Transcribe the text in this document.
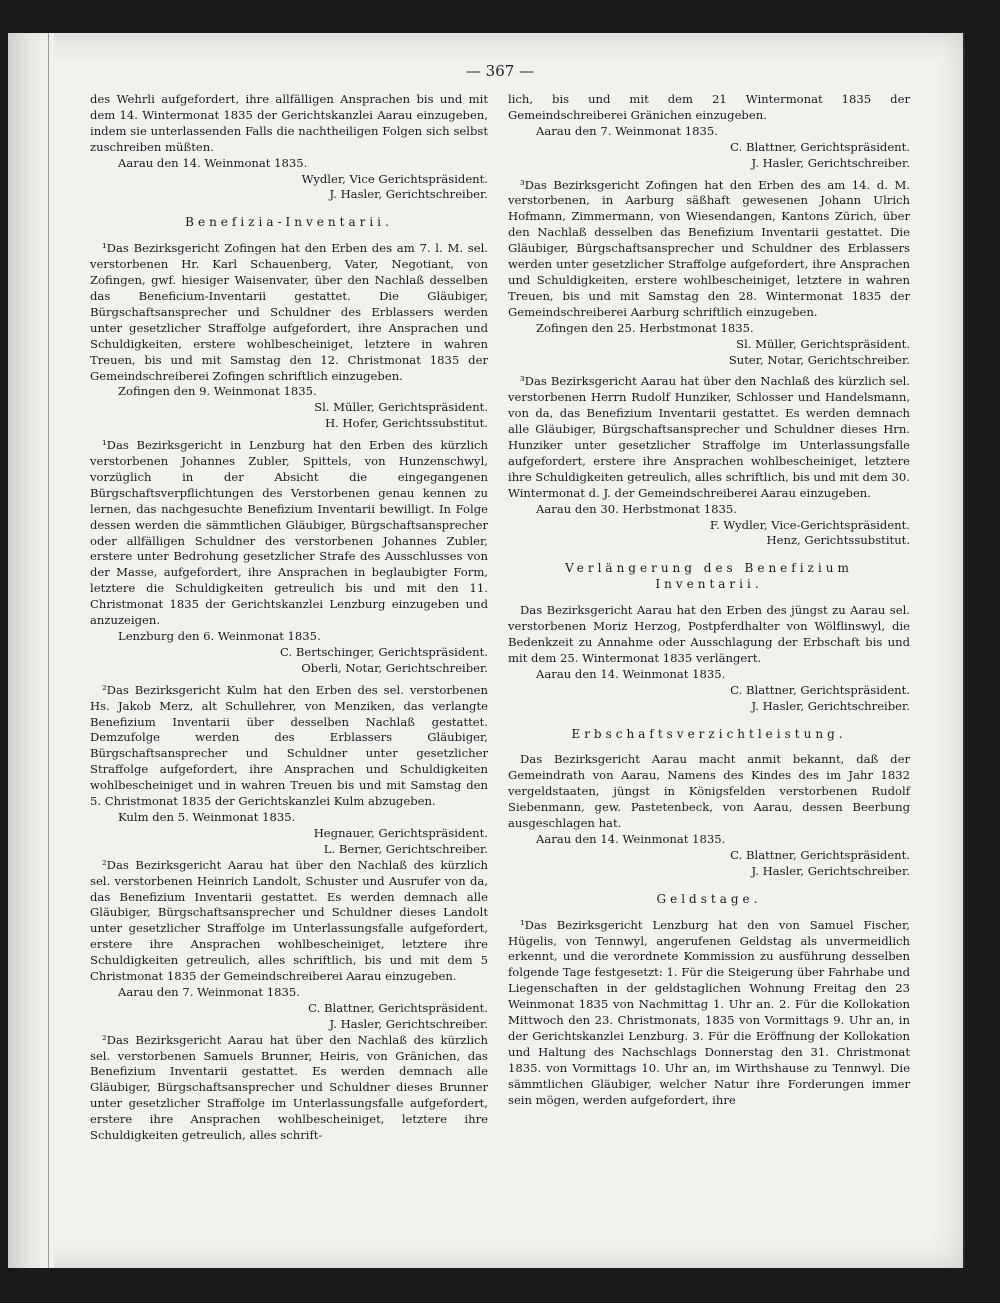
— 367 —

des Wehrli aufgefordert, ihre allfälligen Ansprachen bis und mit dem 14. Wintermonat 1835 der Gerichtskanzlei Aarau einzugeben, indem sie unterlassenden Falls die nachtheiligen Folgen sich selbst zuschreiben müßten.

Aarau den 14. Weinmonat 1835.

Wydler, Vice Gerichtspräsident.

J. Hasler, Gerichtschreiber.

Benefizia-Inventarii.

¹Das Bezirksgericht Zofingen hat den Erben des am 7. l. M. sel. verstorbenen Hr. Karl Schauenberg, Vater, Negotiant, von Zofingen, gwf. hiesiger Waisenvater, über den Nachlaß desselben das Beneficium-Inventarii gestattet. Die Gläubiger, Bürgschaftsansprecher und Schuldner des Erblassers werden unter gesetzlicher Straffolge aufgefordert, ihre Ansprachen und Schuldigkeiten, erstere wohlbescheiniget, letztere in wahren Treuen, bis und mit Samstag den 12. Christmonat 1835 der Gemeindschreiberei Zofingen schriftlich einzugeben.

Zofingen den 9. Weinmonat 1835.

Sl. Müller, Gerichtspräsident.

H. Hofer, Gerichtssubstitut.

¹Das Bezirksgericht in Lenzburg hat den Erben des kürzlich verstorbenen Johannes Zubler, Spittels, von Hunzenschwyl, vorzüglich in der Absicht die eingegangenen Bürgschaftsverpflichtungen des Verstorbenen genau kennen zu lernen, das nachgesuchte Benefizium Inventarii bewilligt. In Folge dessen werden die sämmtlichen Gläubiger, Bürgschaftsansprecher oder allfälligen Schuldner des verstorbenen Johannes Zubler, erstere unter Bedrohung gesetzlicher Strafe des Ausschlusses von der Masse, aufgefordert, ihre Ansprachen in beglaubigter Form, letztere die Schuldigkeiten getreulich bis und mit den 11. Christmonat 1835 der Gerichtskanzlei Lenzburg einzugeben und anzuzeigen.

Lenzburg den 6. Weinmonat 1835.

C. Bertschinger, Gerichtspräsident.

Oberli, Notar, Gerichtschreiber.

²Das Bezirksgericht Kulm hat den Erben des sel. verstorbenen Hs. Jakob Merz, alt Schullehrer, von Menziken, das verlangte Benefizium Inventarii über desselben Nachlaß gestattet. Demzufolge werden des Erblassers Gläubiger, Bürgschaftsansprecher und Schuldner unter gesetzlicher Straffolge aufgefordert, ihre Ansprachen und Schuldigkeiten wohlbescheiniget und in wahren Treuen bis und mit Samstag den 5. Christmonat 1835 der Gerichtskanzlei Kulm abzugeben.

Kulm den 5. Weinmonat 1835.

Hegnauer, Gerichtspräsident.

L. Berner, Gerichtschreiber.

²Das Bezirksgericht Aarau hat über den Nachlaß des kürzlich sel. verstorbenen Heinrich Landolt, Schuster und Ausrufer von da, das Benefizium Inventarii gestattet. Es werden demnach alle Gläubiger, Bürgschaftsansprecher und Schuldner dieses Landolt unter gesetzlicher Straffolge im Unterlassungsfalle aufgefordert, erstere ihre Ansprachen wohlbescheiniget, letztere ihre Schuldigkeiten getreulich, alles schriftlich, bis und mit dem 5 Christmonat 1835 der Gemeindschreiberei Aarau einzugeben.

Aarau den 7. Weinmonat 1835.

C. Blattner, Gerichtspräsident.

J. Hasler, Gerichtschreiber.

²Das Bezirksgericht Aarau hat über den Nachlaß des kürzlich sel. verstorbenen Samuels Brunner, Heiris, von Gränichen, das Benefizium Inventarii gestattet. Es werden demnach alle Gläubiger, Bürgschaftsansprecher und Schuldner dieses Brunner unter gesetzlicher Straffolge im Unterlassungsfalle aufgefordert, erstere ihre Ansprachen wohlbescheiniget, letztere ihre Schuldigkeiten getreulich, alles schrift-

lich, bis und mit dem 21 Wintermonat 1835 der Gemeindschreiberei Gränichen einzugeben.

Aarau den 7. Weinmonat 1835.

C. Blattner, Gerichtspräsident.

J. Hasler, Gerichtschreiber.

³Das Bezirksgericht Zofingen hat den Erben des am 14. d. M. verstorbenen, in Aarburg säßhaft gewesenen Johann Ulrich Hofmann, Zimmermann, von Wiesendangen, Kantons Zürich, über den Nachlaß desselben das Benefizium Inventarii gestattet. Die Gläubiger, Bürgschaftsansprecher und Schuldner des Erblassers werden unter gesetzlicher Straffolge aufgefordert, ihre Ansprachen und Schuldigkeiten, erstere wohlbescheiniget, letztere in wahren Treuen, bis und mit Samstag den 28. Wintermonat 1835 der Gemeindschreiberei Aarburg schriftlich einzugeben.

Zofingen den 25. Herbstmonat 1835.

Sl. Müller, Gerichtspräsident.

Suter, Notar, Gerichtschreiber.

³Das Bezirksgericht Aarau hat über den Nachlaß des kürzlich sel. verstorbenen Herrn Rudolf Hunziker, Schlosser und Handelsmann, von da, das Benefizium Inventarii gestattet. Es werden demnach alle Gläubiger, Bürgschaftsansprecher und Schuldner dieses Hrn. Hunziker unter gesetzlicher Straffolge im Unterlassungsfalle aufgefordert, erstere ihre Ansprachen wohlbescheiniget, letztere ihre Schuldigkeiten getreulich, alles schriftlich, bis und mit dem 30. Wintermonat d. J. der Gemeindschreiberei Aarau einzugeben.

Aarau den 30. Herbstmonat 1835.

F. Wydler, Vice-Gerichtspräsident.

Henz, Gerichtssubstitut.

Verlängerung des Benefizium Inventarii.

Das Bezirksgericht Aarau hat den Erben des jüngst zu Aarau sel. verstorbenen Moriz Herzog, Postpferdhalter von Wölflinswyl, die Bedenkzeit zu Annahme oder Ausschlagung der Erbschaft bis und mit dem 25. Wintermonat 1835 verlängert.

Aarau den 14. Weinmonat 1835.

C. Blattner, Gerichtspräsident.

J. Hasler, Gerichtschreiber.

Erbschaftsverzichtleistung.

Das Bezirksgericht Aarau macht anmit bekannt, daß der Gemeindrath von Aarau, Namens des Kindes des im Jahr 1832 vergeldstaaten, jüngst in Königsfelden verstorbenen Rudolf Siebenmann, gew. Pastetenbeck, von Aarau, dessen Beerbung ausgeschlagen hat.

Aarau den 14. Weinmonat 1835.

C. Blattner, Gerichtspräsident.

J. Hasler, Gerichtschreiber.

Geldstage.

¹Das Bezirksgericht Lenzburg hat den von Samuel Fischer, Hügelis, von Tennwyl, angerufenen Geldstag als unvermeidlich erkennt, und die verordnete Kommission zu ausführung desselben folgende Tage festgesetzt: 1. Für die Steigerung über Fahrhabe und Liegenschaften in der geldstaglichen Wohnung Freitag den 23 Weinmonat 1835 von Nachmittag 1. Uhr an. 2. Für die Kollokation Mittwoch den 23. Christmonats, 1835 von Vormittags 9. Uhr an, in der Gerichtskanzlei Lenzburg. 3. Für die Eröffnung der Kollokation und Haltung des Nachschlags Donnerstag den 31. Christmonat 1835. von Vormittags 10. Uhr an, im Wirthshause zu Tennwyl. Die sämmtlichen Gläubiger, welcher Natur ihre Forderungen immer sein mögen, werden aufgefordert, ihre
